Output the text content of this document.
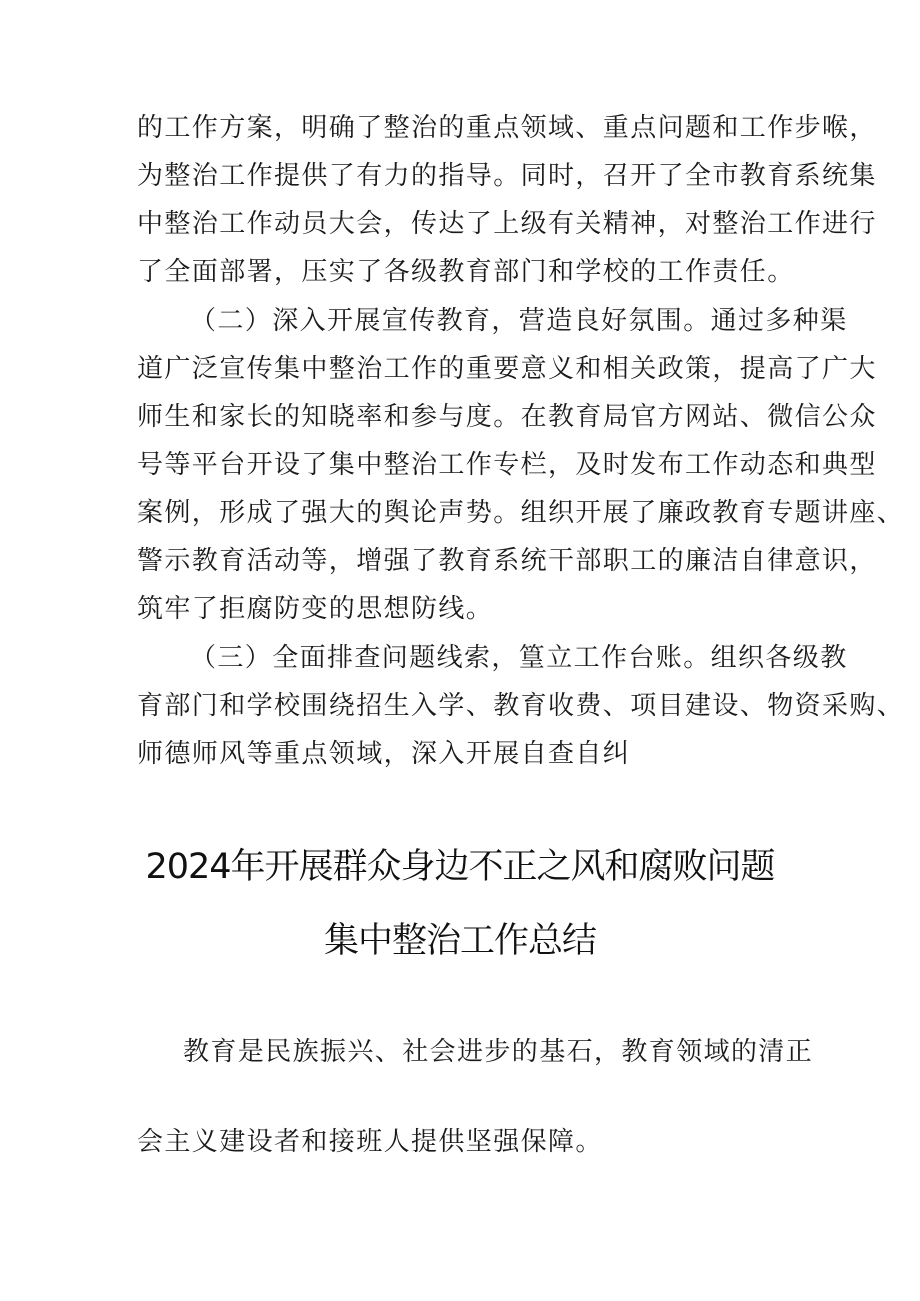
的工作方案，明确了整治的重点领域、重点问题和工作步喉，
为整治工作提供了有力的指导。同时，召开了全市教育系统集
中整治工作动员大会，传达了上级有关精神，对整治工作进行
了全面部署，压实了各级教育部门和学校的工作责任。
（二）深入开展宣传教育，营造良好氛围。通过多种渠
道广泛宣传集中整治工作的重要意义和相关政策，提高了广大
师生和家长的知晓率和参与度。在教育局官方网站、微信公众
号等平台开设了集中整治工作专栏，及时发布工作动态和典型
案例，形成了强大的舆论声势。组织开展了廉政教育专题讲座、
警示教育活动等，增强了教育系统干部职工的廉洁自律意识，
筑牢了拒腐防变的思想防线。
（三）全面排查问题线索，篁立工作台账。组织各级教
育部门和学校围绕招生入学、教育收费、项目建设、物资采购、
师德师风等重点领域，深入开展自查自纠
2024年开展群众身边不正之风和腐败问题
集中整治工作总结
教育是民族振兴、社会进步的基石，教育领域的清正
会主义建设者和接班人提供坚强保障。
